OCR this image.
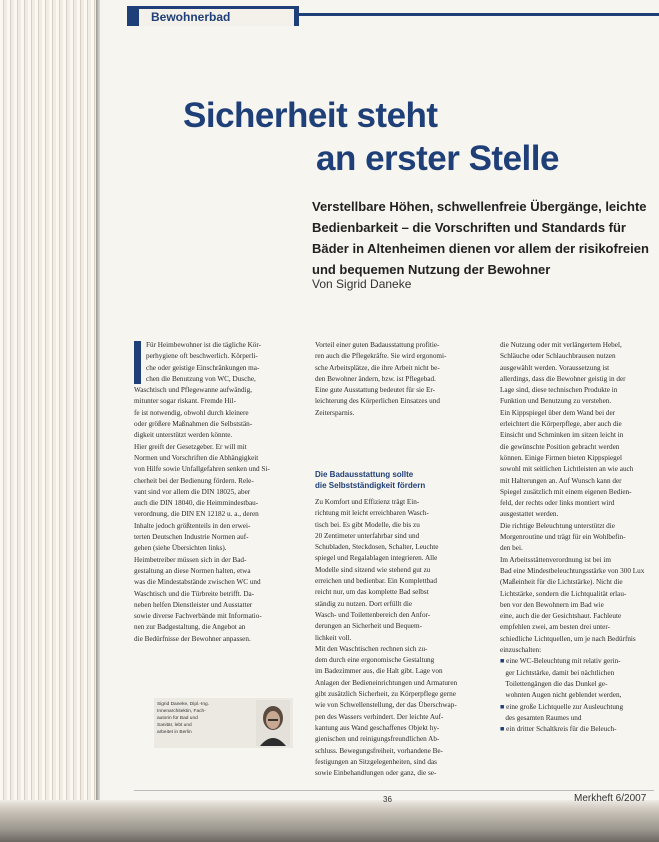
Bewohnerbad
Sicherheit steht
an erster Stelle

Verstellbare Höhen, schwellenfreie Übergänge, leichte

Bedienbarkeit – die Vorschriften und Standards für

Bäder in Altenheimen dienen vor allem der risikofreien

und bequemen Nutzung der Bewohner

Von Sigrid Daneke

Für Heimbewohner ist die tägliche Kör-

perhygiene oft beschwerlich. Körperli-

che oder geistige Einschränkungen ma-

chen die Benutzung von WC, Dusche,

Waschtisch und Pflegewanne aufwändig,

mitunter sogar riskant. Fremde Hil-

fe ist notwendig, obwohl durch kleinere

oder größere Maßnahmen die Selbststän-

digkeit unterstützt werden könnte.

Hier greift der Gesetzgeber. Er will mit

Normen und Vorschriften die Abhängigkeit

von Hilfe sowie Unfallgefahren senken und Si-

cherheit bei der Bedienung fördern. Rele-

vant sind vor allem die DIN 18025, aber

auch die DIN 18040, die Heimmindestbau-

verordnung, die DIN EN 12182 u. a., deren

Inhalte jedoch größtenteils in den erwei-

terten Deutschen Industrie Normen auf-

gehen (siehe Übersichten links).

Heimbetreiber müssen sich in der Bad-

gestaltung an diese Normen halten, etwa

was die Mindestabstände zwischen WC und

Waschtisch und die Türbreite betrifft. Da-

neben helfen Dienstleister und Ausstatter

sowie diverse Fachverbände mit Informatio-

nen zur Badgestaltung, die Angebot an

die Bedürfnisse der Bewohner anpassen.

Sigrid Daneke, Dipl.-Ing.

Innenarchitektin, Fach-

autorin für Bad und

Sanitär, lebt und

arbeitet in Berlin

Vorteil einer guten Badausstattung profitie-

ren auch die Pflegekräfte. Sie wird ergonomi-

sche Arbeitsplätze, die ihre Arbeit nicht be-

den Bewohner ändern, bzw. ist Pflegebad.

Eine gute Ausstattung bedeutet für sie Er-

leichterung des Körperlichen Einsatzes und

Zeitersparnis.

Die Badausstattung sollte

die Selbstständigkeit fördern

Zu Komfort und Effizienz trägt Ein-

richtung mit leicht erreichbaren Wasch-

tisch bei. Es gibt Modelle, die bis zu

20 Zentimeter unterfahrbar sind und

Schubladen, Steckdosen, Schalter, Leuchte

spiegel und Regalablagen integrieren. Alle

Modelle sind sitzend wie stehend gut zu

erreichen und bedienbar. Ein Komplettbad

reicht nur, um das komplette Bad selbst

ständig zu nutzen. Dort erfüllt die

Wasch- und Toilettenbereich den Anfor-

derungen an Sicherheit und Bequem-

lichkeit voll.

Mit den Waschtischen rechnen sich zu-

dem durch eine ergonomische Gestaltung

im Badezimmer aus, die Halt gibt. Lage von

Anlagen der Bedieneinrichtungen und Armaturen

gibt zusätzlich Sicherheit, zu Körperpflege gerne

wie von Schwellenstellung, der das Überschwap-

pen des Wassers verhindert. Der leichte Auf-

kantung aus Wand geschaffenes Objekt hy-

gienischen und reinigungsfreundlichen Ab-

schluss. Bewegungsfreiheit, vorhandene Be-

festigungen an Sitzgelegenheiten, sind das

sowie Einbehandlungen oder ganz, die se-

die Nutzung oder mit verlängertem Hebel,

Schläuche oder Schlauchbrausen nutzen

ausgewählt werden. Voraussetzung ist

allerdings, dass die Bewohner geistig in der

Lage sind, diese technischen Produkte in

Funktion und Benutzung zu verstehen.

Ein Kippspiegel über dem Wand bei der

erleichtert die Körperpflege, aber auch die

Einsicht und Schminken im sitzen leicht in

die gewünschte Position gebracht werden

können. Einige Firmen bieten Kippspiegel

sowohl mit seitlichen Lichtleisten an wie auch

mit Halterungen an. Auf Wunsch kann der

Spiegel zusätzlich mit einem eigenen Bedien-

feld, der rechts oder links montiert wird

ausgestattet werden.

Die richtige Beleuchtung unterstützt die

Morgenroutine und trägt für ein Wohlbefin-

den bei.

Im Arbeitsstättenverordnung ist bei im

Bad eine Mindestbeleuchtungsstärke von 300 Lux

(Maßeinheit für die Lichtstärke). Nicht die

Lichtstärke, sondern die Lichtqualität erlau-

ben vor den Bewohnern im Bad wie

eine, auch die der Gesichtshaut. Fachleute

empfehlen zwei, am besten drei unter-

schiedliche Lichtquellen, um je nach Bedürfnis

einzuschalten:

■ eine WC-Beleuchtung mit relativ gerin-

ger Lichtstärke, damit bei nächtlichen

Toilettengängen die das Dunkel ge-

wohnten Augen nicht geblendet werden,

■ eine große Lichtquelle zur Ausleuchtung

des gesamten Raumes und

■ ein dritter Schaltkreis für die Beleuch-

36	Merkheft 6/2007
